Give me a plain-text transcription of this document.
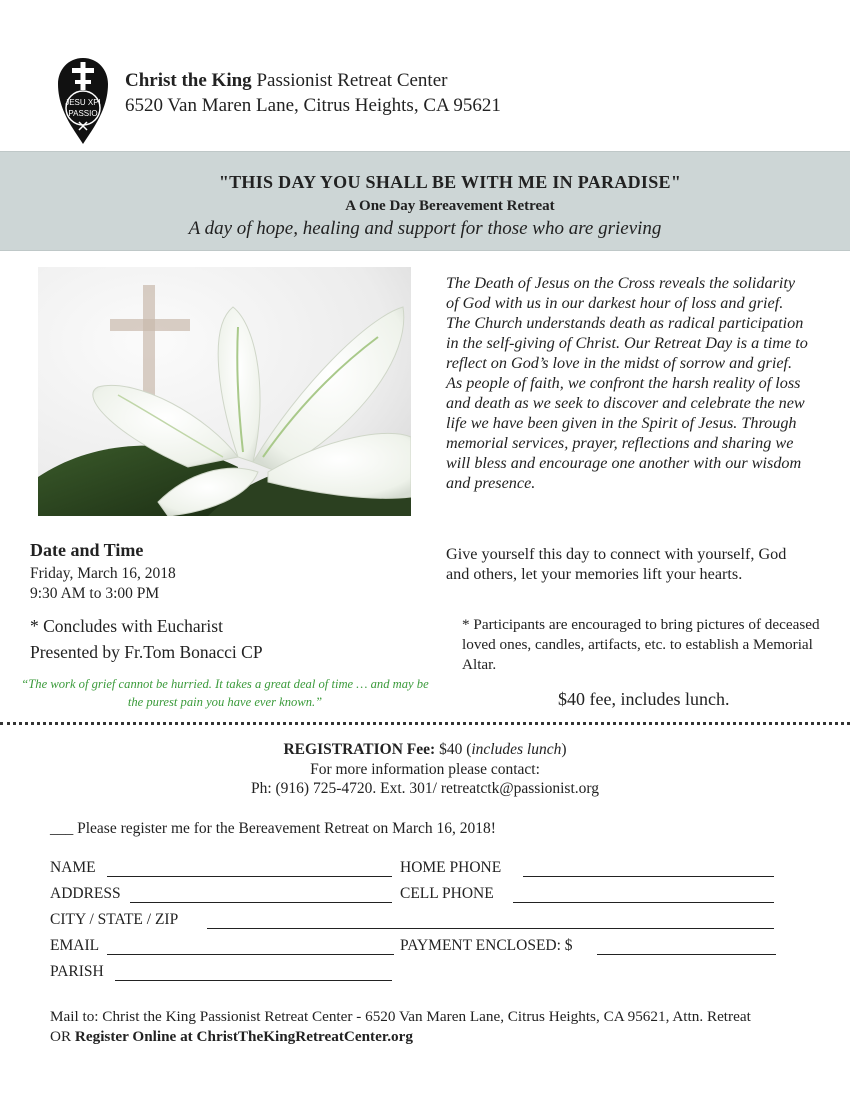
JESU XPI
PASSIO
Christ the King Passionist Retreat Center
6520 Van Maren Lane, Citrus Heights, CA 95621
"THIS DAY YOU SHALL BE WITH ME IN PARADISE"
A One Day Bereavement Retreat
A day of hope, healing and support for those who are grieving
The Death of Jesus on the Cross reveals the solidarity of God with us in our darkest hour of loss and grief. The Church understands death as radical participation in the self-giving of Christ. Our Retreat Day is a time to reflect on God’s love in the midst of sorrow and grief. As people of faith, we confront the harsh reality of loss and death as we seek to discover and celebrate the new life we have been given in the Spirit of Jesus. Through memorial services, prayer, reflections and sharing we will bless and encourage one another with our wisdom and presence.
Give yourself this day to connect with yourself, God and others, let your memories lift your hearts.
* Participants are encouraged to bring pictures of deceased loved ones, candles, artifacts, etc. to establish a Memorial Altar.
$40 fee, includes lunch.
Date and Time
Friday, March 16, 2018
9:30 AM to 3:00 PM
* Concludes with Eucharist
Presented by Fr.Tom Bonacci CP
“The work of grief cannot be hurried. It takes a great deal of time … and may be the purest pain you have ever known.”
REGISTRATION Fee: $40 (includes lunch)
For more information please contact:
Ph: (916) 725-4720. Ext. 301/ retreatctk@passionist.org
___ Please register me for the Bereavement Retreat on March 16, 2018!
NAME	HOME PHONE
ADDRESS	CELL PHONE
CITY / STATE / ZIP
EMAIL	PAYMENT ENCLOSED: $
PARISH
Mail to: Christ the King Passionist Retreat Center - 6520 Van Maren Lane, Citrus Heights, CA 95621, Attn. Retreat OR Register Online at ChristTheKingRetreatCenter.org
